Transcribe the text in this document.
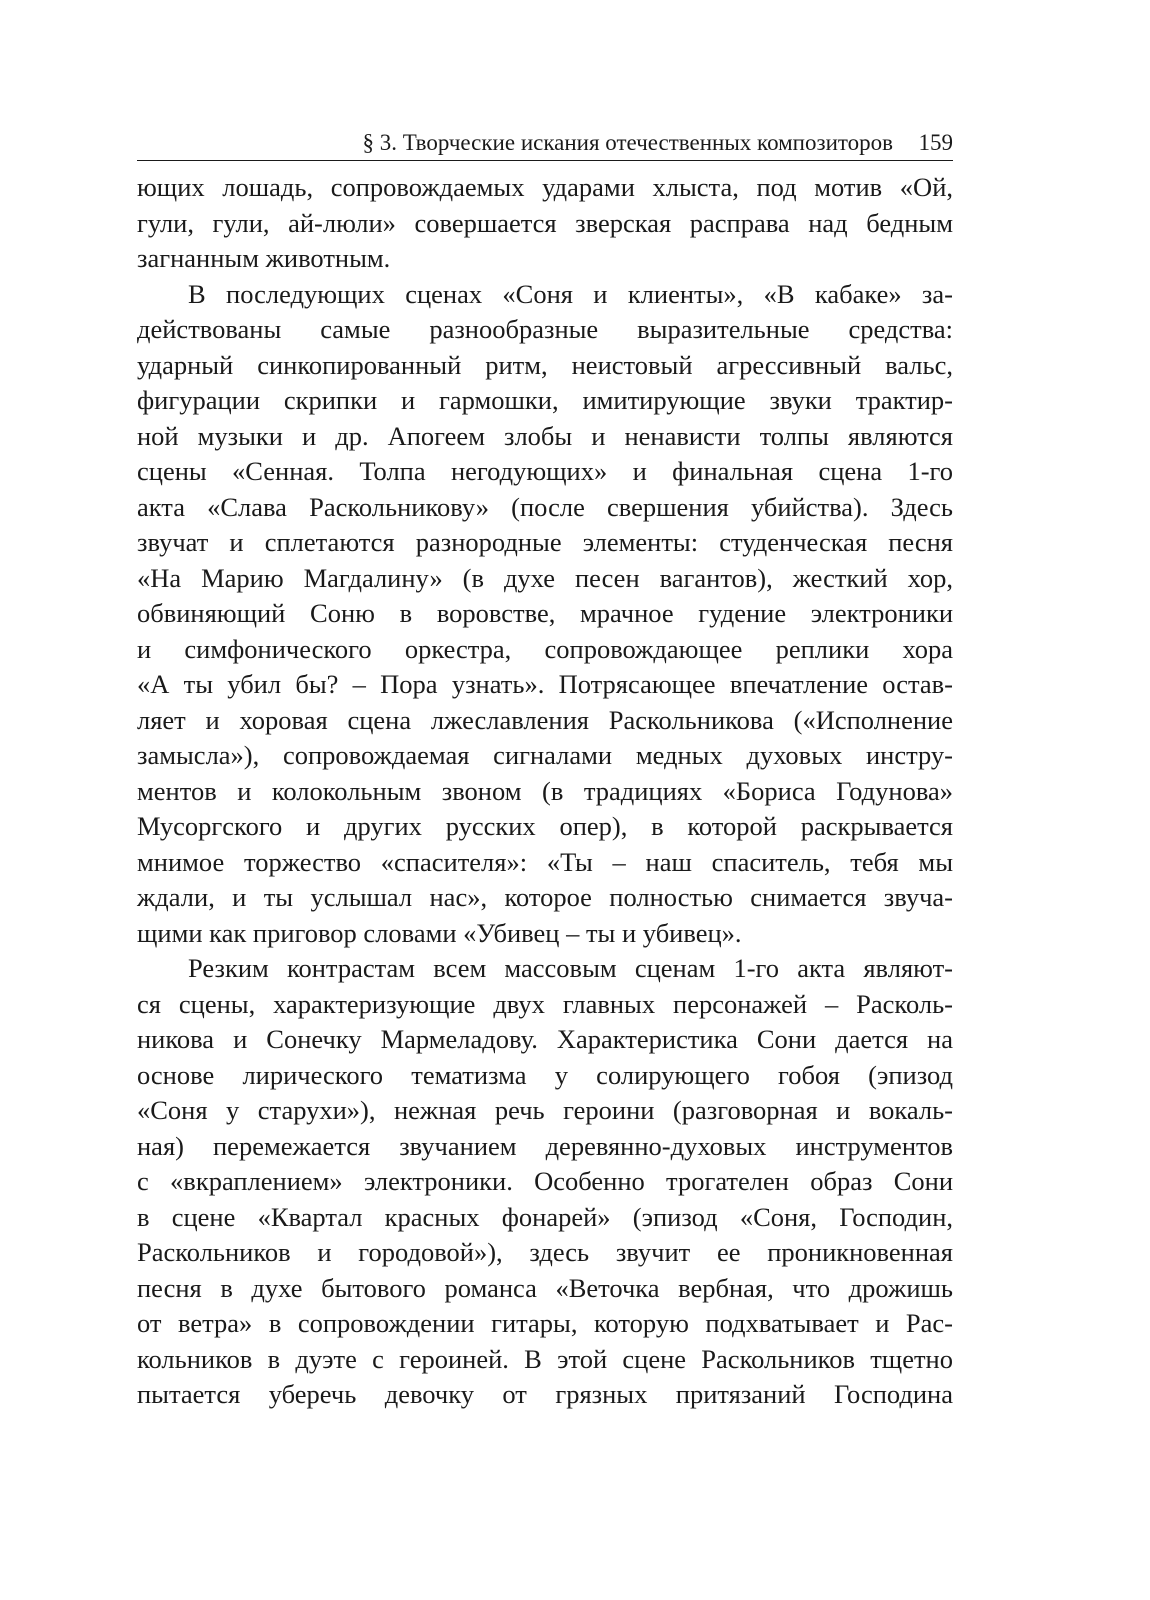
§ 3. Творческие искания отечественных композиторов 159
ющих лошадь, сопровождаемых ударами хлыста, под мотив «Ой,
гули, гули, ай-люли» совершается зверская расправа над бедным
загнанным животным.
В последующих сценах «Соня и клиенты», «В кабаке» за-
действованы самые разнообразные выразительные средства:
ударный синкопированный ритм, неистовый агрессивный вальс,
фигурации скрипки и гармошки, имитирующие звуки трактир-
ной музыки и др. Апогеем злобы и ненависти толпы являются
сцены «Сенная. Толпа негодующих» и финальная сцена 1-го
акта «Слава Раскольникову» (после свершения убийства). Здесь
звучат и сплетаются разнородные элементы: студенческая песня
«На Марию Магдалину» (в духе песен вагантов), жесткий хор,
обвиняющий Соню в воровстве, мрачное гудение электроники
и симфонического оркестра, сопровождающее реплики хора
«А ты убил бы? – Пора узнать». Потрясающее впечатление остав-
ляет и хоровая сцена лжеславления Раскольникова («Исполнение
замысла»), сопровождаемая сигналами медных духовых инстру-
ментов и колокольным звоном (в традициях «Бориса Годунова»
Мусоргского и других русских опер), в которой раскрывается
мнимое торжество «спасителя»: «Ты – наш спаситель, тебя мы
ждали, и ты услышал нас», которое полностью снимается звуча-
щими как приговор словами «Убивец – ты и убивец».
Резким контрастам всем массовым сценам 1-го акта являют-
ся сцены, характеризующие двух главных персонажей – Расколь-
никова и Сонечку Мармеладову. Характеристика Сони дается на
основе лирического тематизма у солирующего гобоя (эпизод
«Соня у старухи»), нежная речь героини (разговорная и вокаль-
ная) перемежается звучанием деревянно-духовых инструментов
с «вкраплением» электроники. Особенно трогателен образ Сони
в сцене «Квартал красных фонарей» (эпизод «Соня, Господин,
Раскольников и городовой»), здесь звучит ее проникновенная
песня в духе бытового романса «Веточка вербная, что дрожишь
от ветра» в сопровождении гитары, которую подхватывает и Рас-
кольников в дуэте с героиней. В этой сцене Раскольников тщетно
пытается уберечь девочку от грязных притязаний Господина
